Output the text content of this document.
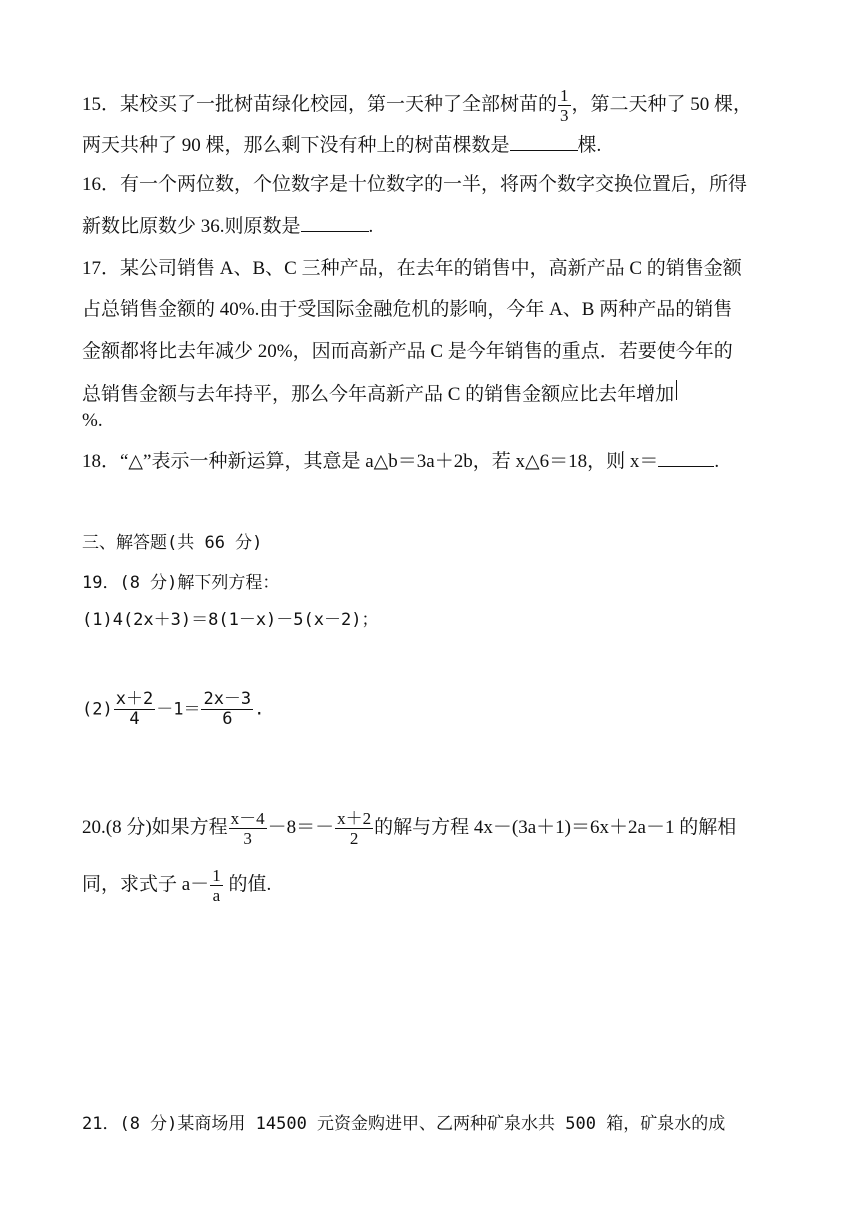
15．某校买了一批树苗绿化校园，第一天种了全部树苗的 $\frac{1}{3}$ ，第二天种了 50 棵，
两天共种了 90 棵，那么剩下没有种上的树苗棵数是	棵.
16．有一个两位数，个位数字是十位数字的一半，将两个数字交换位置后，所得
新数比原数少 36.则原数是	.
17．某公司销售 A、B、C 三种产品，在去年的销售中，高新产品 C 的销售金额
占总销售金额的 40%.由于受国际金融危机的影响，今年 A、B 两种产品的销售
金额都将比去年减少 20%，因而高新产品 C 是今年销售的重点．若要使今年的
总销售金额与去年持平，那么今年高新产品 C 的销售金额应比去年增加
%.
18．“△”表示一种新运算，其意是 a△b＝3a＋2b，若 x△6＝18，则 x＝	.
三、解答题(共 66 分)
19．(8 分)解下列方程：
(1)4(2x＋3)＝8(1－x)－5(x－2)；
$(2) \frac{x+2}{4} -1= \frac{2x-3}{6}$ .
20.(8 分)如果方程 $\frac{x-4}{3} -8=- \frac{x+2}{2}$ 的解与方程 4x－(3a＋1)＝6x＋2a－1 的解相
同，求式子 $a- \frac{1}{a}$ 的值.
21．(8 分)某商场用 14500 元资金购进甲、乙两种矿泉水共 500 箱，矿泉水的成
